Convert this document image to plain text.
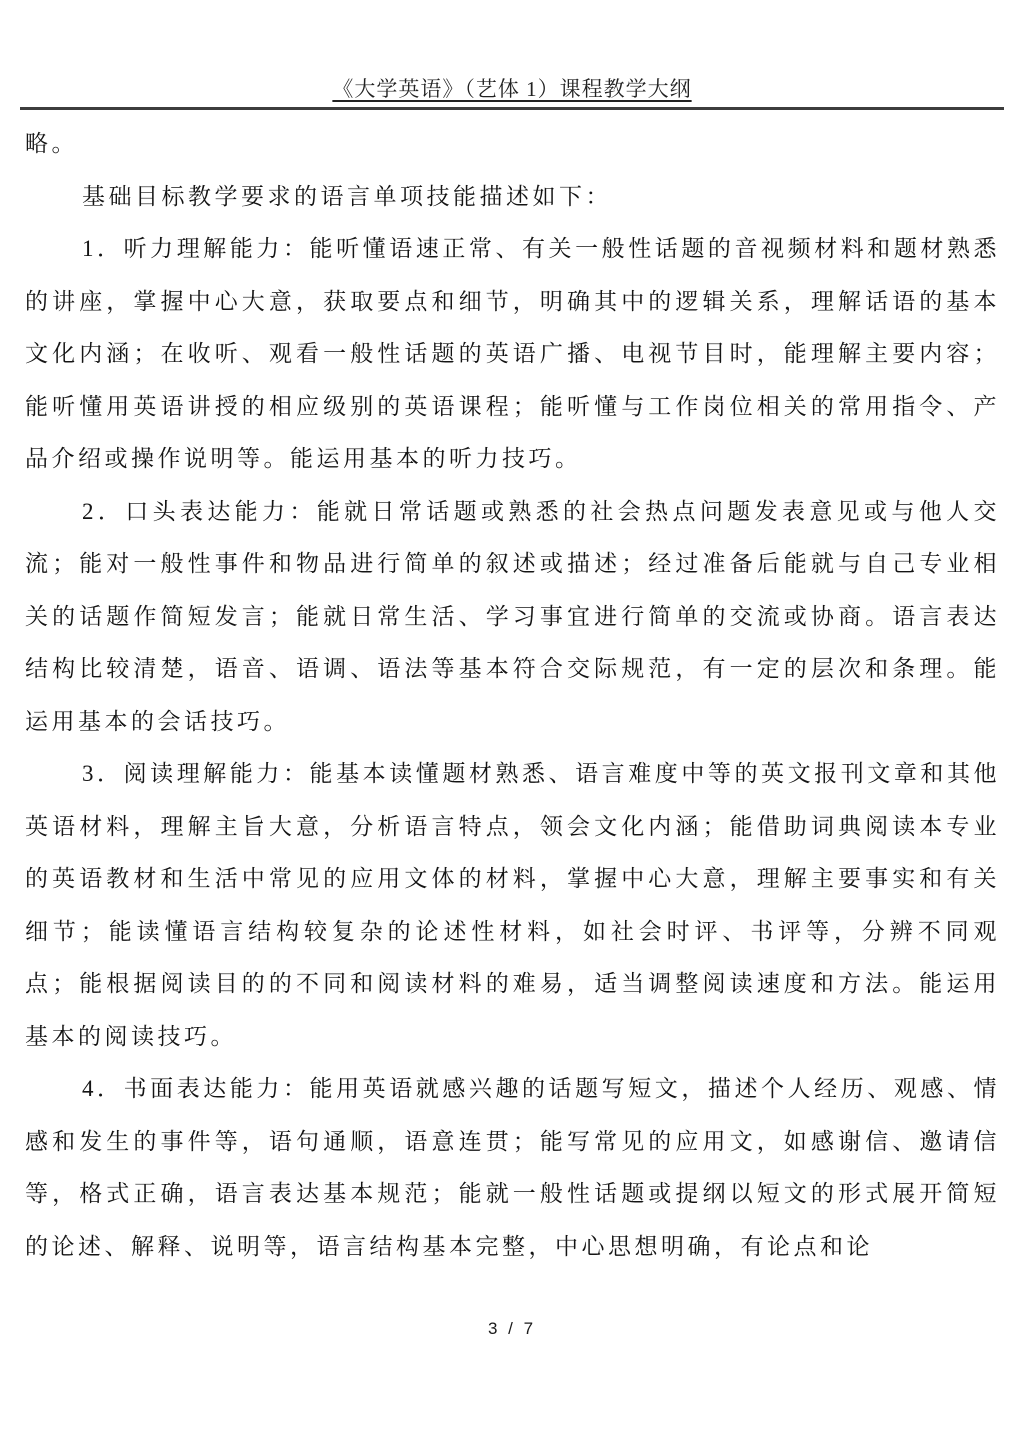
《大学英语》（艺体 1）课程教学大纲

略。

基础目标教学要求的语言单项技能描述如下：

1．听力理解能力：能听懂语速正常、有关一般性话题的音视频材料和题材熟悉的讲座，掌握中心大意，获取要点和细节，明确其中的逻辑关系，理解话语的基本文化内涵；在收听、观看一般性话题的英语广播、电视节目时，能理解主要内容；能听懂用英语讲授的相应级别的英语课程；能听懂与工作岗位相关的常用指令、产品介绍或操作说明等。能运用基本的听力技巧。

2．口头表达能力：能就日常话题或熟悉的社会热点问题发表意见或与他人交流；能对一般性事件和物品进行简单的叙述或描述；经过准备后能就与自己专业相关的话题作简短发言；能就日常生活、学习事宜进行简单的交流或协商。语言表达结构比较清楚，语音、语调、语法等基本符合交际规范，有一定的层次和条理。能运用基本的会话技巧。

3．阅读理解能力：能基本读懂题材熟悉、语言难度中等的英文报刊文章和其他英语材料，理解主旨大意，分析语言特点，领会文化内涵；能借助词典阅读本专业的英语教材和生活中常见的应用文体的材料，掌握中心大意，理解主要事实和有关细节；能读懂语言结构较复杂的论述性材料，如社会时评、书评等，分辨不同观点；能根据阅读目的的不同和阅读材料的难易，适当调整阅读速度和方法。能运用基本的阅读技巧。

4．书面表达能力：能用英语就感兴趣的话题写短文，描述个人经历、观感、情感和发生的事件等，语句通顺，语意连贯；能写常见的应用文，如感谢信、邀请信等，格式正确，语言表达基本规范；能就一般性话题或提纲以短文的形式展开简短的论述、解释、说明等，语言结构基本完整，中心思想明确，有论点和论

3 / 7
